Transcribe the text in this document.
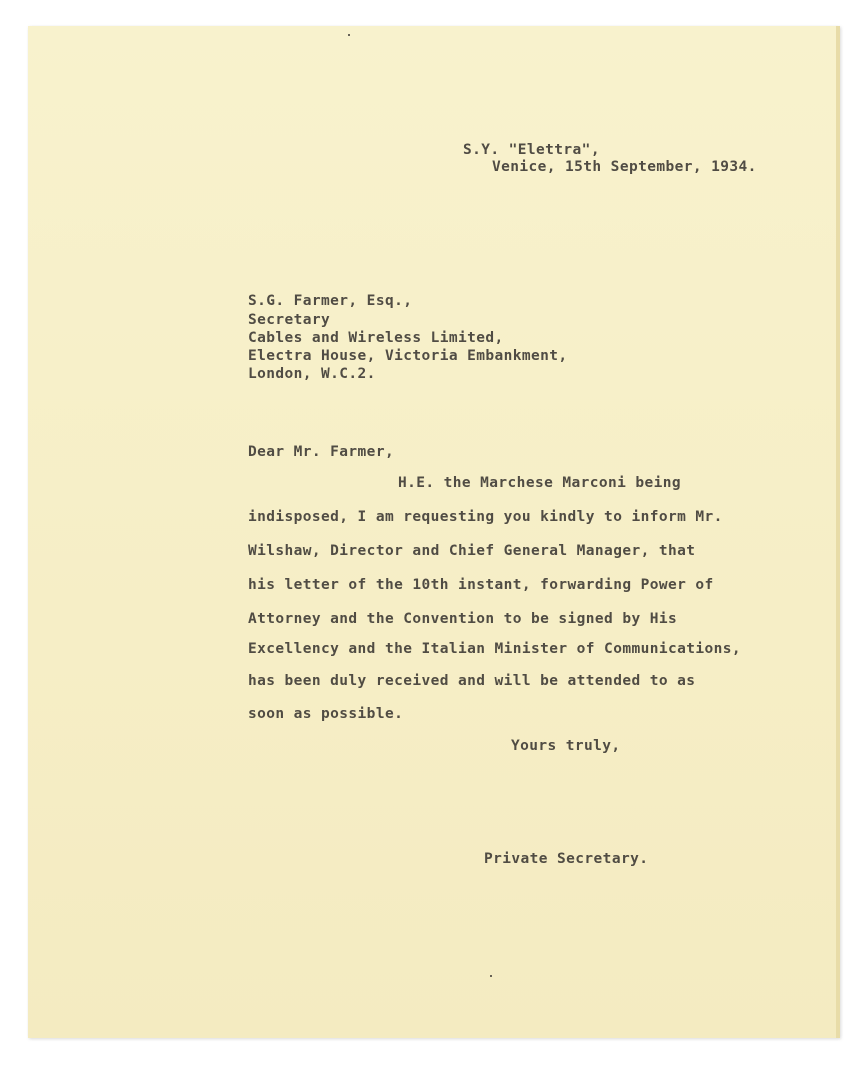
S.Y. "Elettra",
Venice, 15th September, 1934.
S.G. Farmer, Esq.,
Secretary
Cables and Wireless Limited,
Electra House, Victoria Embankment,
London, W.C.2.
Dear Mr. Farmer,
H.E. the Marchese Marconi being
indisposed, I am requesting you kindly to inform Mr.
Wilshaw, Director and Chief General Manager, that
his letter of the 10th instant, forwarding Power of
Attorney and the Convention to be signed by His
Excellency and the Italian Minister of Communications,
has been duly received and will be attended to as
soon as possible.
Yours truly,
Private Secretary.
